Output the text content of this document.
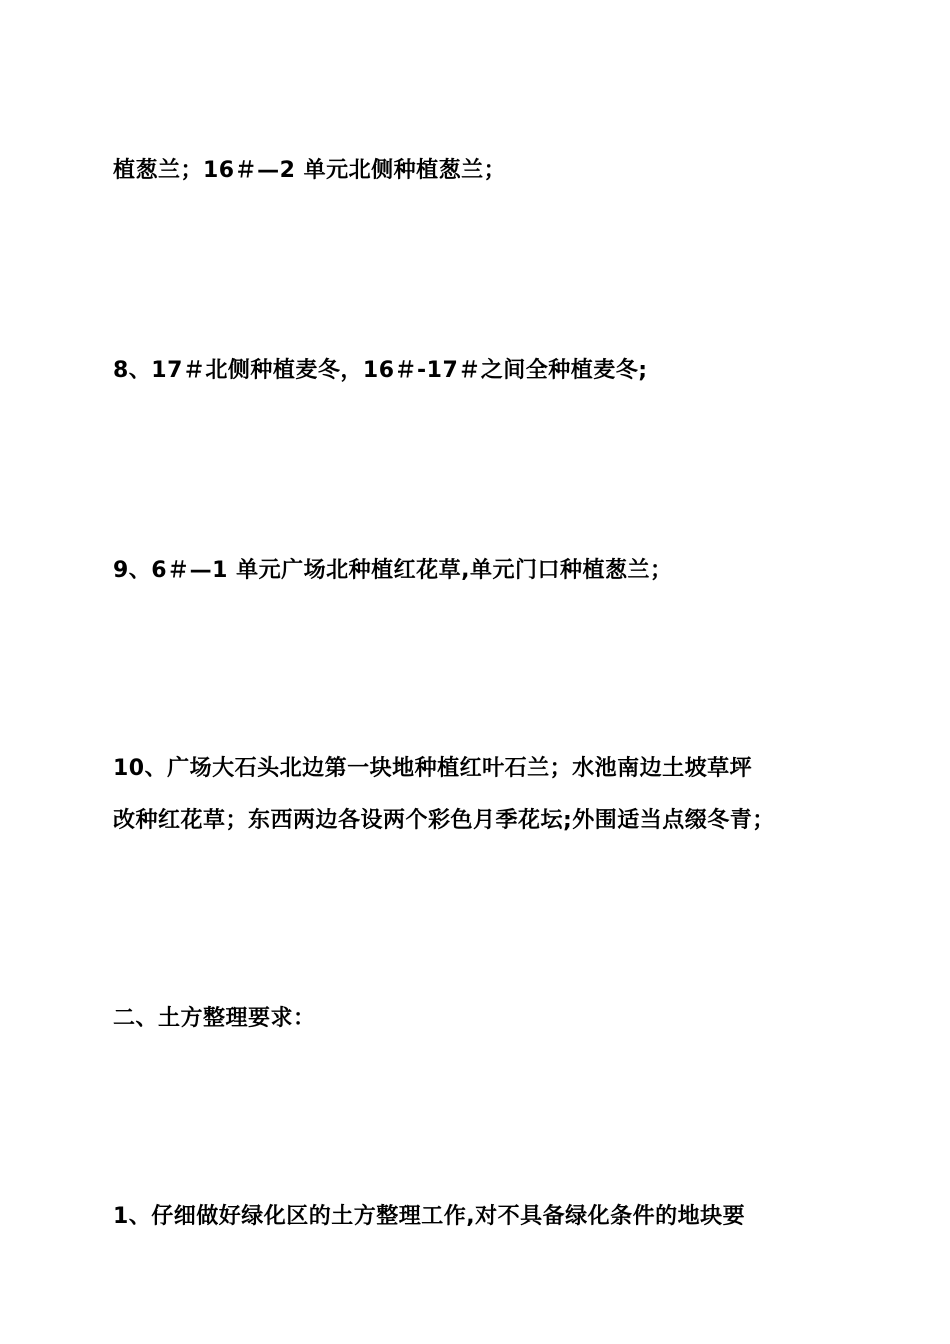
植葱兰；16＃—2 单元北侧种植葱兰；

8、17＃北侧种植麦冬，16＃-17＃之间全种植麦冬;

9、6＃—1 单元广场北种植红花草,单元门口种植葱兰；

10、广场大石头北边第一块地种植红叶石兰；水池南边土坡草坪

改种红花草；东西两边各设两个彩色月季花坛;外围适当点缀冬青；

二、土方整理要求：

1、仔细做好绿化区的土方整理工作,对不具备绿化条件的地块要
